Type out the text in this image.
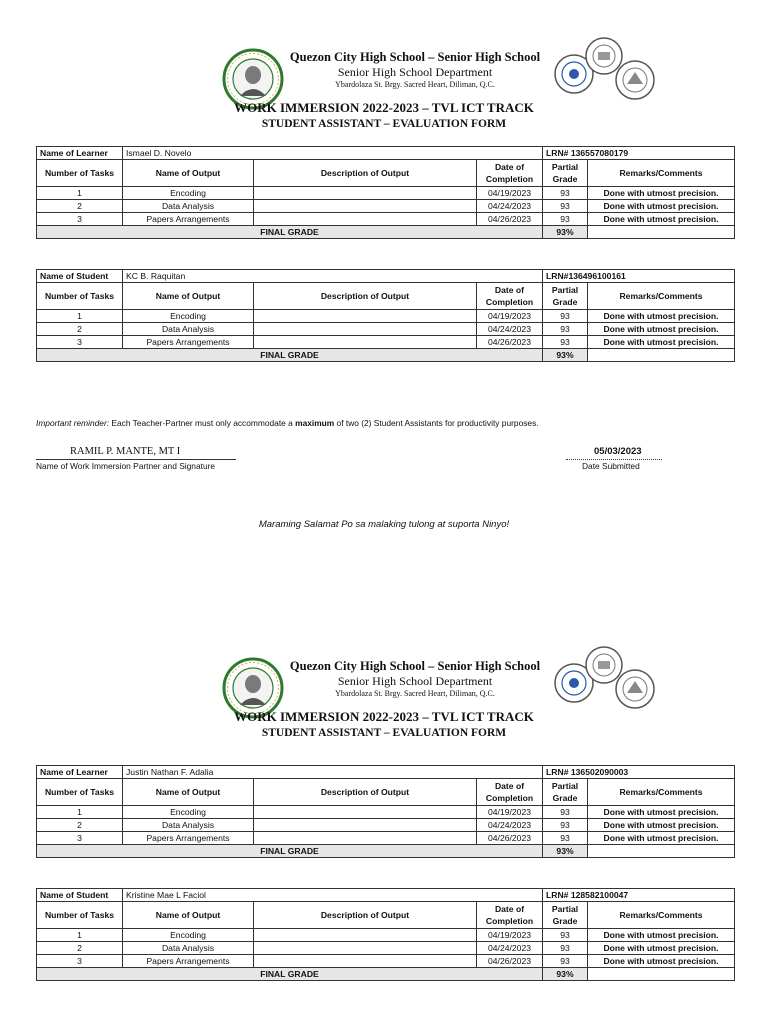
Quezon City High School – Senior High School
Senior High School Department
Ybardolaza St. Brgy. Sacred Heart, Diliman, Q.C.
WORK IMMERSION 2022-2023 – TVL ICT TRACK
STUDENT ASSISTANT – EVALUATION FORM
Name of Learner	Ismael D. Novelo			LRN# 136557080179	
Number of Tasks	Name of Output	Description of Output	Date of Completion	Partial Grade	Remarks/Comments
1	Encoding		04/19/2023	93	Done with utmost precision.
2	Data Analysis		04/24/2023	93	Done with utmost precision.
3	Papers Arrangements		04/26/2023	93	Done with utmost precision.
FINAL GRADE				93%	
Name of Student	KC B. Raquitan			LRN#136496100161	
Number of Tasks	Name of Output	Description of Output	Date of Completion	Partial Grade	Remarks/Comments
1	Encoding		04/19/2023	93	Done with utmost precision.
2	Data Analysis		04/24/2023	93	Done with utmost precision.
3	Papers Arrangements		04/26/2023	93	Done with utmost precision.
FINAL GRADE				93%	
Important reminder: Each Teacher-Partner must only accommodate a maximum of two (2) Student Assistants for productivity purposes.
RAMIL P. MANTE, MT I
Name of Work Immersion Partner and Signature
05/03/2023
Date Submitted
Maraming Salamat Po sa malaking tulong at suporta Ninyo!
Quezon City High School – Senior High School
Senior High School Department
Ybardolaza St. Brgy. Sacred Heart, Diliman, Q.C.
WORK IMMERSION 2022-2023 – TVL ICT TRACK
STUDENT ASSISTANT – EVALUATION FORM
Name of Learner	Justin Nathan F. Adalia			LRN# 136502090003	
Number of Tasks	Name of Output	Description of Output	Date of Completion	Partial Grade	Remarks/Comments
1	Encoding		04/19/2023	93	Done with utmost precision.
2	Data Analysis		04/24/2023	93	Done with utmost precision.
3	Papers Arrangements		04/26/2023	93	Done with utmost precision.
FINAL GRADE				93%	
Name of Student	Kristine Mae L Faciol			LRN# 128582100047	
Number of Tasks	Name of Output	Description of Output	Date of Completion	Partial Grade	Remarks/Comments
1	Encoding		04/19/2023	93	Done with utmost precision.
2	Data Analysis		04/24/2023	93	Done with utmost precision.
3	Papers Arrangements		04/26/2023	93	Done with utmost precision.
FINAL GRADE				93%	
